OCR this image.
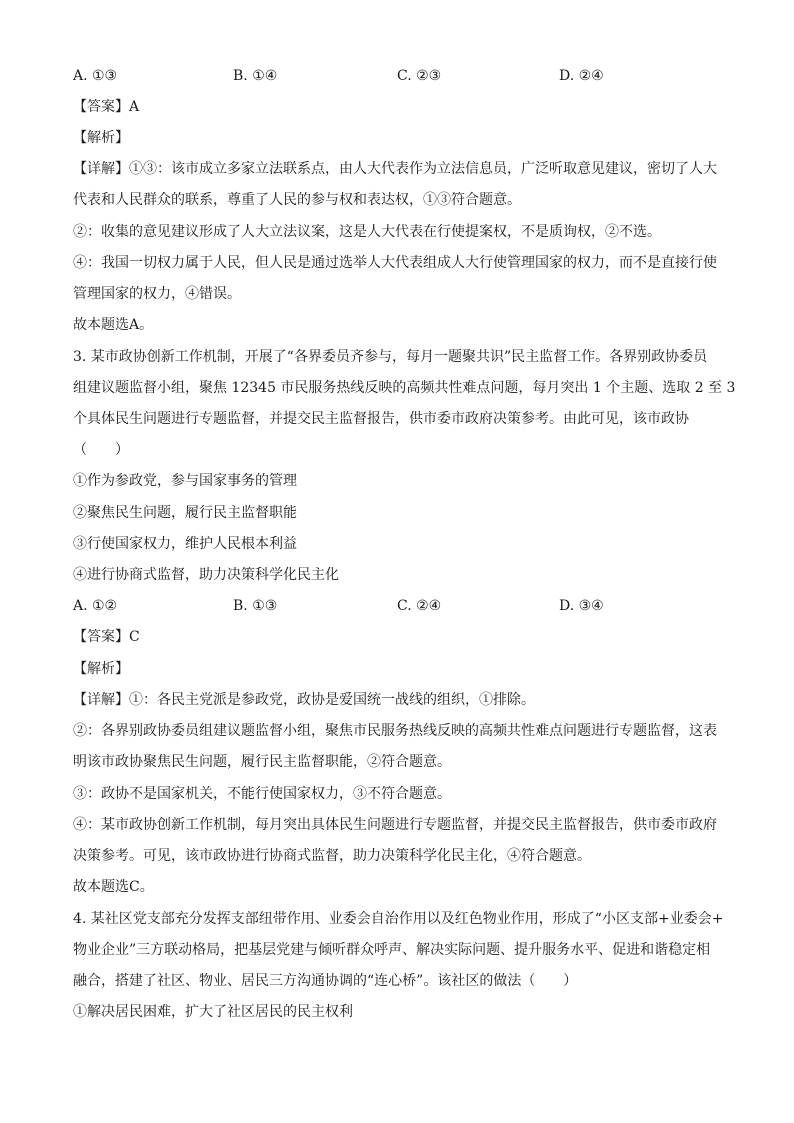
A. ①③	B. ①④	C. ②③	D. ②④
【答案】A
【解析】
【详解】①③：该市成立多家立法联系点，由人大代表作为立法信息员，广泛听取意见建议，密切了人大
代表和人民群众的联系，尊重了人民的参与权和表达权，①③符合题意。
②：收集的意见建议形成了人大立法议案，这是人大代表在行使提案权，不是质询权，②不选。
④：我国一切权力属于人民，但人民是通过选举人大代表组成人大行使管理国家的权力，而不是直接行使
管理国家的权力，④错误。
故本题选A。
3. 某市政协创新工作机制，开展了“各界委员齐参与，每月一题聚共识”民主监督工作。各界别政协委员
组建议题监督小组，聚焦 12345 市民服务热线反映的高频共性难点问题，每月突出 1 个主题、选取 2 至 3
个具体民生问题进行专题监督，并提交民主监督报告，供市委市政府决策参考。由此可见，该市政协
（　　）
①作为参政党，参与国家事务的管理
②聚焦民生问题，履行民主监督职能
③行使国家权力，维护人民根本利益
④进行协商式监督，助力决策科学化民主化
A. ①②	B. ①③	C. ②④	D. ③④
【答案】C
【解析】
【详解】①：各民主党派是参政党，政协是爱国统一战线的组织，①排除。
②：各界别政协委员组建议题监督小组，聚焦市民服务热线反映的高频共性难点问题进行专题监督，这表
明该市政协聚焦民生问题，履行民主监督职能，②符合题意。
③：政协不是国家机关，不能行使国家权力，③不符合题意。
④：某市政协创新工作机制，每月突出具体民生问题进行专题监督，并提交民主监督报告，供市委市政府
决策参考。可见，该市政协进行协商式监督，助力决策科学化民主化，④符合题意。
故本题选C。
4. 某社区党支部充分发挥支部纽带作用、业委会自治作用以及红色物业作用，形成了“小区支部+业委会+
物业企业”三方联动格局，把基层党建与倾听群众呼声、解决实际问题、提升服务水平、促进和谐稳定相
融合，搭建了社区、物业、居民三方沟通协调的“连心桥”。该社区的做法（　　）
①解决居民困难，扩大了社区居民的民主权利
